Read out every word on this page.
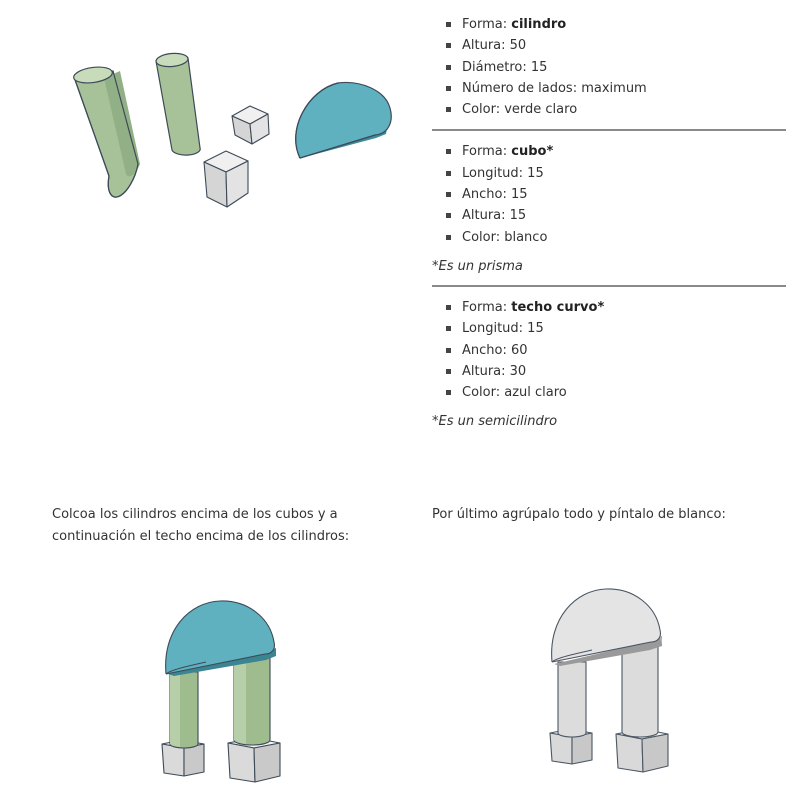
Forma: cilindro
Altura: 50
Diámetro: 15
Número de lados: maximum
Color: verde claro
Forma: cubo*
Longitud: 15
Ancho: 15
Altura: 15
Color: blanco

*Es un prisma

Forma: techo curvo*
Longitud: 15
Ancho: 60
Altura: 30
Color: azul claro

*Es un semicilindro

Colcoa los cilindros encima de los cubos y a continuación el techo encima de los cilindros:

Por último agrúpalo todo y píntalo de blanco:
